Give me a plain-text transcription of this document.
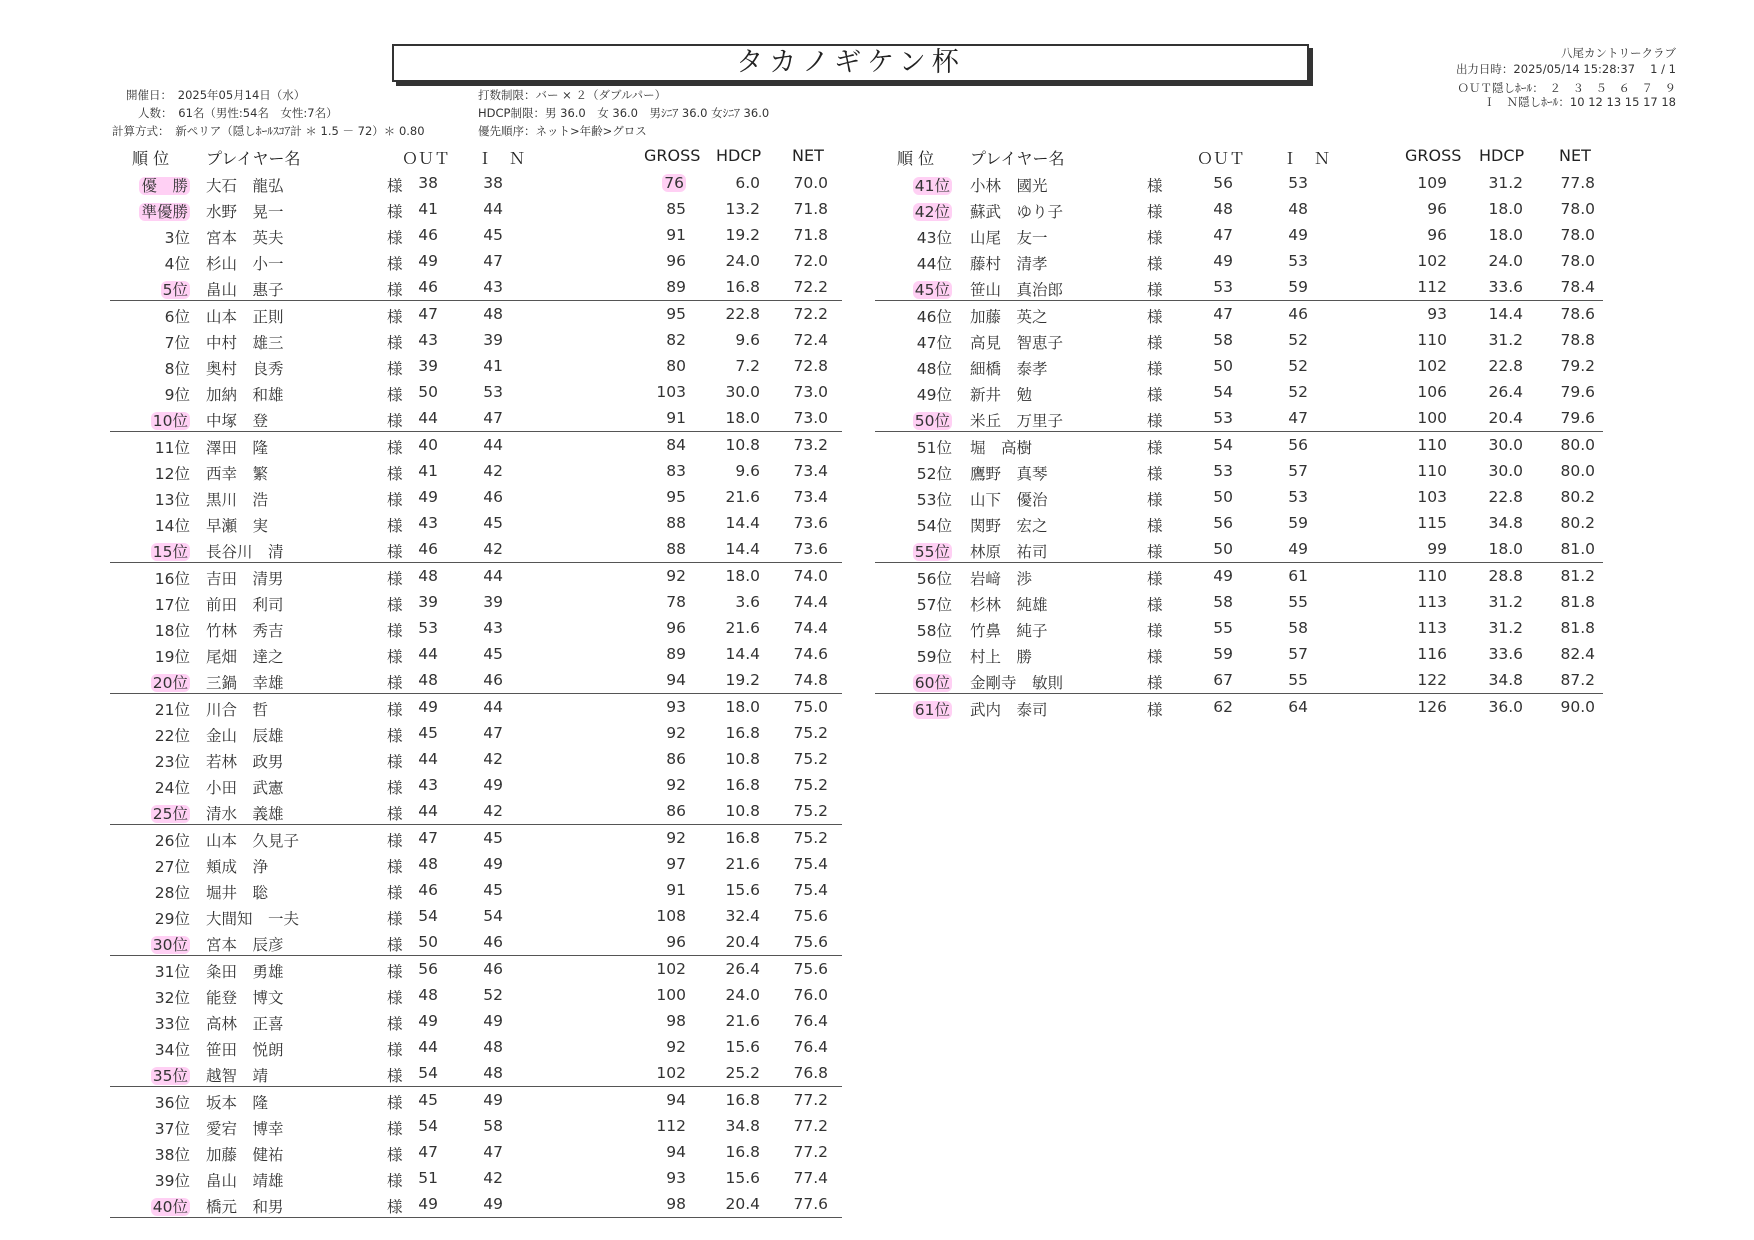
タカノギケン杯	八尾カントリークラブ
出力日時：2025/05/14 15:28:37 　1 / 1
ＯＵＴ隠しﾎｰﾙ：　２　３　５　６　７　９
Ｉ　Ｎ隠しﾎｰﾙ：10 12 13 15 17 18
開催日：　2025年05月14日（水）
人数：　61名（男性:54名　女性:7名）
計算方式：　新ペリア（隠しﾎｰﾙｽｺｱ計 ＊ 1.5 － 72）＊ 0.80
打数制限：バー × ２（ダブルパー）
HDCP制限：男 36.0　女 36.0　男ｼﾆｱ 36.0 女ｼﾆｱ 36.0
優先順序：ネット>年齢>グロス
順 位 プレイヤー名	ＯＵＴ Ｉ　Ｎ	GROSS HDCP NET
優　勝 大石　龍弘	様	38	38	76	6.0	70.0
準優勝 水野　晃一	様	41	44	85	13.2	71.8
3位 宮本　英夫	様	46	45	91	19.2	71.8
4位 杉山　小一	様	49	47	96	24.0	72.0
5位 畠山　惠子	様	46	43	89	16.8	72.2
6位 山本　正則	様	47	48	95	22.8	72.2
7位 中村　雄三	様	43	39	82	9.6	72.4
8位 奥村　良秀	様	39	41	80	7.2	72.8
9位 加納　和雄	様	50	53	103	30.0	73.0
10位 中塚　登	様	44	47	91	18.0	73.0
11位 澤田　隆	様	40	44	84	10.8	73.2
12位 西幸　繁	様	41	42	83	9.6	73.4
13位 黒川　浩	様	49	46	95	21.6	73.4
14位 早瀬　実	様	43	45	88	14.4	73.6
15位 長谷川　清	様	46	42	88	14.4	73.6
16位 吉田　清男	様	48	44	92	18.0	74.0
17位 前田　利司	様	39	39	78	3.6	74.4
18位 竹林　秀吉	様	53	43	96	21.6	74.4
19位 尾畑　達之	様	44	45	89	14.4	74.6
20位 三鍋　幸雄	様	48	46	94	19.2	74.8
21位 川合　哲	様	49	44	93	18.0	75.0
22位 金山　辰雄	様	45	47	92	16.8	75.2
23位 若林　政男	様	44	42	86	10.8	75.2
24位 小田　武憲	様	43	49	92	16.8	75.2
25位 清水　義雄	様	44	42	86	10.8	75.2
26位 山本　久見子	様	47	45	92	16.8	75.2
27位 頬成　浄	様	48	49	97	21.6	75.4
28位 堀井　聡	様	46	45	91	15.6	75.4
29位 大間知　一夫	様	54	54	108	32.4	75.6
30位 宮本　辰彦	様	50	46	96	20.4	75.6
31位 粂田　勇雄	様	56	46	102	26.4	75.6
32位 能登　博文	様	48	52	100	24.0	76.0
33位 高林　正喜	様	49	49	98	21.6	76.4
34位 笹田　悦朗	様	44	48	92	15.6	76.4
35位 越智　靖	様	54	48	102	25.2	76.8
36位 坂本　隆	様	45	49	94	16.8	77.2
37位 愛宕　博幸	様	54	58	112	34.8	77.2
38位 加藤　健祐	様	47	47	94	16.8	77.2
39位 畠山　靖雄	様	51	42	93	15.6	77.4
40位 橋元　和男	様	49	49	98	20.4	77.6
順 位 プレイヤー名	ＯＵＴ Ｉ　Ｎ	GROSS HDCP NET
41位 小林　國光	様	56	53	109	31.2	77.8
42位 蘇武　ゆり子	様	48	48	96	18.0	78.0
43位 山尾　友一	様	47	49	96	18.0	78.0
44位 藤村　清孝	様	49	53	102	24.0	78.0
45位 笹山　真治郎	様	53	59	112	33.6	78.4
46位 加藤　英之	様	47	46	93	14.4	78.6
47位 高見　智恵子	様	58	52	110	31.2	78.8
48位 細橋　泰孝	様	50	52	102	22.8	79.2
49位 新井　勉	様	54	52	106	26.4	79.6
50位 米丘　万里子	様	53	47	100	20.4	79.6
51位 堀　高樹	様	54	56	110	30.0	80.0
52位 鷹野　真琴	様	53	57	110	30.0	80.0
53位 山下　優治	様	50	53	103	22.8	80.2
54位 関野　宏之	様	56	59	115	34.8	80.2
55位 林原　祐司	様	50	49	99	18.0	81.0
56位 岩﨑　渉	様	49	61	110	28.8	81.2
57位 杉林　純雄	様	58	55	113	31.2	81.8
58位 竹鼻　純子	様	55	58	113	31.2	81.8
59位 村上　勝	様	59	57	116	33.6	82.4
60位 金剛寺　敏則	様	67	55	122	34.8	87.2
61位 武内　泰司	様	62	64	126	36.0	90.0
